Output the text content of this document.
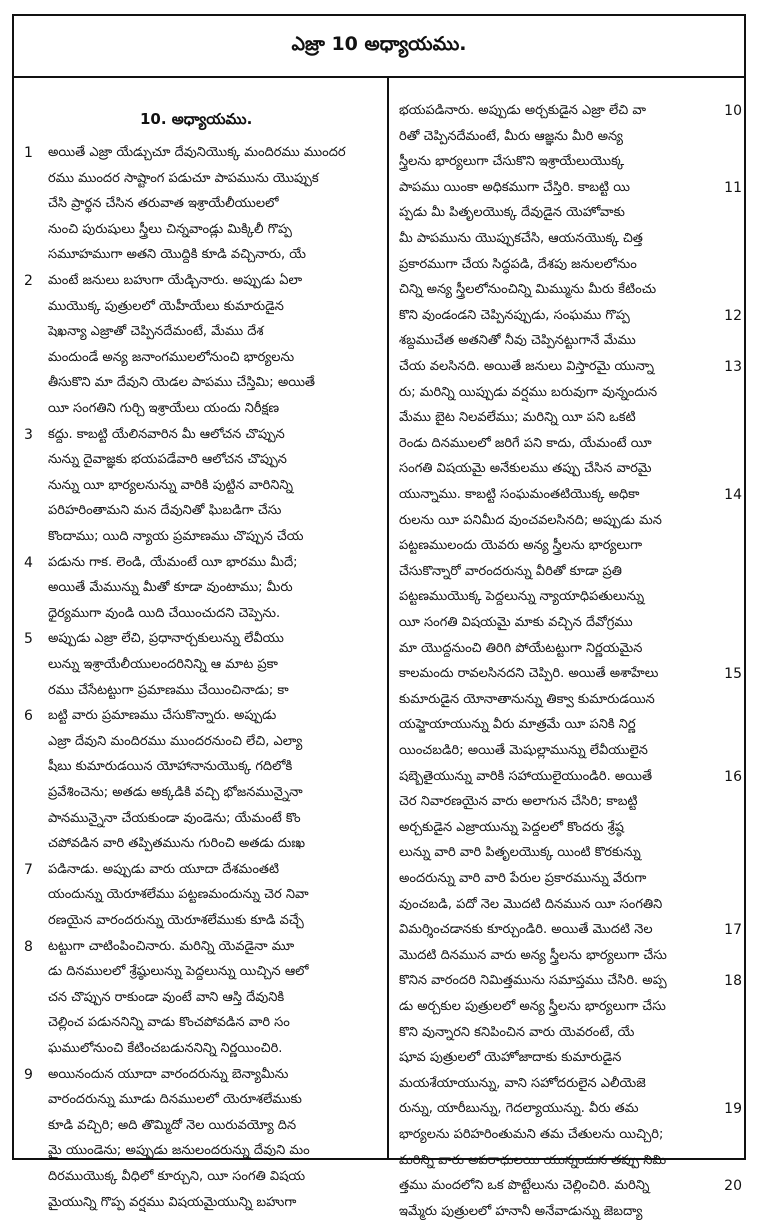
ఎజ్రా 10 అధ్యాయము.
10. అధ్యాయము.
అయితే ఎజ్రా యేడ్చుచూ దేవునియొక్క మందిరము ముందర
రము ముందర సాష్టాంగ పడుచూ పాపమును యొప్పుక
చేసి ప్రార్థన చేసిన తరువాత ఇశ్రాయేలీయులలో
నుంచి పురుషులు స్త్రీలు చిన్నవాండ్లు మిక్కిలీ గొప్ప
సమూహముగా అతని యొద్దికి కూడి వచ్చినారు, యే
మంటే జనులు బహుగా యేడ్చినారు. అప్పుడు ఏలా
ముయొక్క పుత్రులలో యెహీయేలు కుమారుడైన
షెఖన్యా ఎజ్రాతో చెప్పినదేమంటే, మేము దేశ
మందుండే అన్య జనాంగములలోనుంచి భార్యలను
తీసుకొని మా దేవుని యెడల పాపము చేస్తిమి; అయితే
యీ సంగతిని గుర్చి ఇశ్రాయేలు యందు నిరీక్షణ
కద్దు. కాబట్టి యేలినవారిన మీ ఆలోచన చొప్పున
నున్ను దైవాజ్ఞకు భయపడేవారి ఆలోచన చొప్పున
నున్ను యీ భార్యలనున్ను వారికి పుట్టిన వారినిన్ని
పరిహరింతామని మన దేవునితో ఘిబడిగా చేసు
కొందాము; యిది న్యాయ ప్రమాణము చొప్పున చేయ
పడును గాక. లెండి, యేమంటే యీ భారము మీదే;
అయితే మేమున్ను మీతో కూడా వుంటాము; మీరు
ధైర్యముగా వుండి యిది చేయించుదని చెప్పెను.
అప్పుడు ఎజ్రా లేచి, ప్రధానార్చకులున్ను లేవీయు
లున్ను ఇశ్రాయేలీయులందరినిన్ని ఆ మాట ప్రకా
రము చేసేటట్టుగా ప్రమాణము చేయించినాడు; కా
బట్టి వారు ప్రమాణము చేసుకొన్నారు. అప్పుడు
ఎజ్రా దేవుని మందిరము ముందరనుంచి లేచి, ఎల్యా
షీబు కుమారుడయిన యోహానానుయొక్క గదిలోకి
ప్రవేశించెను; అతడు అక్కడికి వచ్చి భోజనమున్నైనా
పానమున్నైనా చేయకుండా వుండెను; యేమంటే కొం
చపోవడిన వారి తప్పితమును గురించి అతడు దుఃఖ
పడినాడు. అప్పుడు వారు యూదా దేశమంతటి
యందున్ను యెరూశలేము పట్టణమందున్ను చెర నివా
రణయైన వారందరున్ను యెరూశలేముకు కూడి వచ్చే
టట్టుగా చాటింపించినారు. మరిన్ని యెవడైనా మూ
డు దినములలో శ్రేష్ఠులున్ను పెద్దలున్ను యిచ్చిన ఆలో
చన చొప్పున రాకుండా వుంటే వాని ఆస్తి దేవునికి
చెల్లించ పడుననిన్ని వాడు కొంచపోవడిన వారి సం
ఘములోనుంచి కేటించబడుననిన్ని నిర్ణయించిరి.
అయినందున యూదా వారందరున్ను బెన్యామీను
వారందరున్ను మూడు దినములలో యెరూశలేముకు
కూడి వచ్చిరి; అది తొమ్మిదో నెల యిరువయ్యో దిన
మై యుండెను; అప్పుడు జనులందరున్ను దేవుని మం
దిరముయొక్క వీధిలో కూర్చుని, యీ సంగతి విషయ
మైయున్ని గొప్ప వర్షము విషయమైయున్ని బహుగా
1
2
3
4
5
6
7
8
9
భయపడినారు. అప్పుడు అర్చకుడైన ఎజ్రా లేచి వా
రితో చెప్పినదేమంటే, మీరు ఆజ్ఞను మీరి అన్య
స్త్రీలను భార్యలుగా చేసుకొని ఇశ్రాయేలుయొక్క
పాపము యింకా అధికముగా చేస్తిరి. కాబట్టి యి
ప్పడు మీ పితృలయొక్క దేవుడైన యెహోవాకు
మీ పాపమును యొప్పుకచేసి, ఆయనయొక్క చిత్త
ప్రకారముగా చేయ సిద్ధపడి, దేశపు జనులలోనుం
చిన్ని అన్య స్త్రీలలోనుంచిన్ని మిమ్మును మీరు కేటించు
కొని వుండండని చెప్పినప్పుడు, సంఘము గొప్ప
శబ్దముచేత అతనితో నీవు చెప్పినట్టుగానే మేము
చేయ వలసినది. అయితే జనులు విస్తారమై యున్నా
రు; మరిన్ని యిప్పుడు వర్షము బరువుగా వున్నందున
మేము బైట నిలవలేము; మరిన్ని యీ పని ఒకటి
రెండు దినములలో జరిగే పని కాదు, యేమంటే యీ
సంగతి విషయమై అనేకులము తప్పు చేసిన వారమై
యున్నాము. కాబట్టి సంఘమంతటియొక్క అధికా
రులను యీ పనిమీద వుంచవలసినది; అప్పుడు మన
పట్టణములందు యెవరు అన్య స్త్రీలను భార్యలుగా
చేసుకొన్నారో వారందరున్ను వీరితో కూడా ప్రతి
పట్టణముయొక్క పెద్దలున్ను న్యాయాధిపతులున్ను
యీ సంగతి విషయమై మాకు వచ్చిన దేవోగ్రము
మా యొద్దనుంచి తిరిగి పోయేటట్టుగా నిర్ణయమైన
కాలమందు రావలసినదని చెప్పిరి. అయితే అశాహేలు
కుమారుడైన యోనాతానున్ను తిక్వా కుమారుడయిన
యహ్జెయాయున్ను వీరు మాత్రమే యీ పనికి నిర్ణ
యించబడిరి; అయితే మెషుల్లామున్ను లేవీయులైన
షబ్బెతైయున్ను వారికి సహాయులైయుండిరి. అయితే
చెర నివారణయైన వారు అలాగున చేసిరి; కాబట్టి
అర్చకుడైన ఎజ్రాయున్ను పెద్దలలో కొందరు శ్రేష్ఠ
లున్ను వారి వారి పితృలయొక్క యింటి కొరకున్ను
అందరున్ను వారి వారి పేరుల ప్రకారమున్ను వేరుగా
వుంచబడి, పదో నెల మొదటి దినమున యీ సంగతిని
విమర్శించడానకు కూర్చుండిరి. అయితే మొదటి నెల
మొదటి దినమున వారు అన్య స్త్రీలను భార్యలుగా చేసు
కొనిన వారందరి నిమిత్తమును సమాప్తము చేసిరి. అప్ప
డు అర్చకుల పుత్రులలో అన్య స్త్రీలను భార్యలుగా చేసు
కొని వున్నారని కనిపించిన వారు యెవరంటే, యే
షూవ పుత్రులలో యెహోజాదాకు కుమారుడైన
మయశేయాయున్ను, వాని సహోదరులైన ఎలీయెజె
రున్ను, యారీబున్ను, గెదల్యాయున్ను. వీరు తమ
భార్యలను పరిహరింతుమని తమ చేతులను యిచ్చిరి;
మరిన్ని వారు అపరాధులయి యున్నందున తప్పు నిమి
త్తము మందలోని ఒక పొట్టేలును చెల్లించిరి. మరిన్ని
ఇమ్మేరు పుత్రులలో హనానీ అనేవాడున్ను జెబద్యా
10
11
12
13
14
15
16
17
18
19
20
